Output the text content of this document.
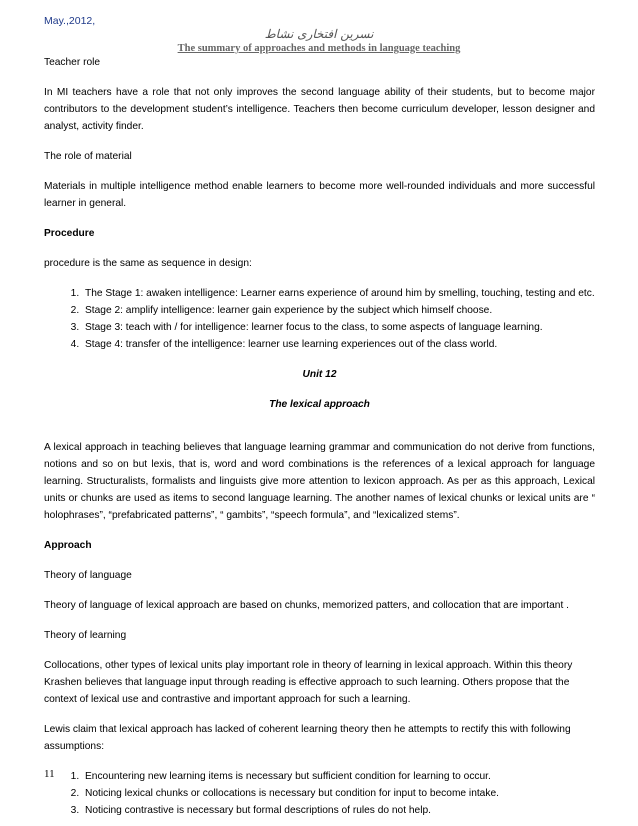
May.,2012,
نسرین افتخاری نشاط
The summary of approaches and methods in language teaching

Teacher role

In MI teachers have a role that not only improves the second language ability of their students, but to become major contributors to the development student’s intelligence. Teachers then become curriculum developer, lesson designer and analyst, activity finder.

The role of material

Materials in multiple intelligence method enable learners to become more well-rounded individuals and more successful learner in general.

Procedure

procedure is the same as sequence in design:

1. The Stage 1: awaken intelligence: Learner earns experience of around him by smelling, touching, testing and etc.
2. Stage 2: amplify intelligence: learner gain experience by the subject which himself choose.
3. Stage 3: teach with / for intelligence: learner focus to the class, to some aspects of language learning.
4. Stage 4: transfer of the intelligence: learner use learning experiences out of the class world.

Unit 12

The lexical approach

A lexical approach in teaching believes that language learning grammar and communication do not derive from functions, notions and so on but lexis, that is, word and word combinations is the references of a lexical approach for language learning. Structuralists, formalists and linguists give more attention to lexicon approach. As per as this approach, Lexical units or chunks are used as items to second language learning. The another names of lexical chunks or lexical units are “ holophrases”, “prefabricated patterns”, “ gambits”, “speech formula”, and “lexicalized stems”.

Approach

Theory of language

Theory of language of lexical approach are based on chunks, memorized patters, and collocation that are important .

Theory of learning

Collocations, other types of lexical units play important role in theory of learning in lexical approach. Within this theory Krashen believes that language input through reading is effective approach to such learning. Others propose that the context of lexical use and contrastive and important approach for such a learning.

Lewis claim that lexical approach has lacked of coherent learning theory then he attempts to rectify this with following assumptions:

1. Encountering new learning items is necessary but sufficient condition for learning to occur.
2. Noticing lexical chunks or collocations is necessary but condition for input to become intake.
3. Noticing contrastive is necessary but formal descriptions of rules do not help.
11
